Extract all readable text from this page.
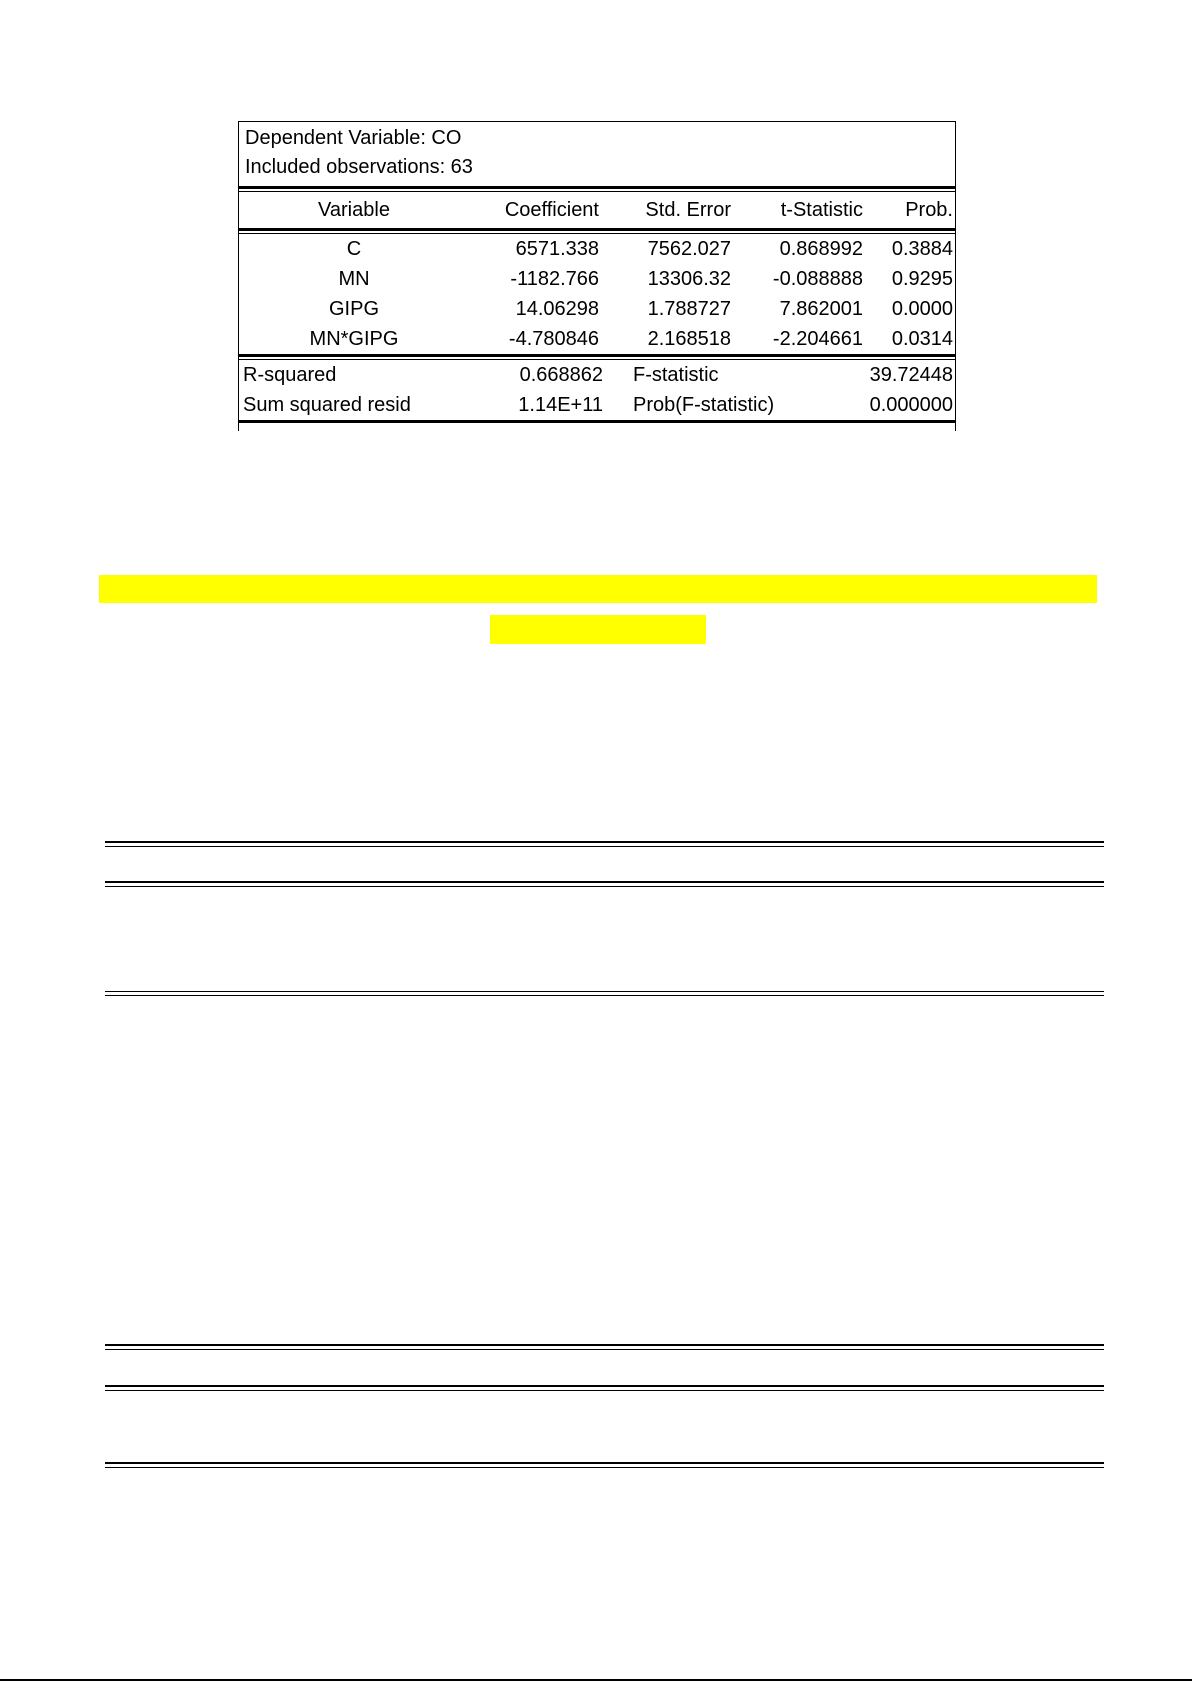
Dependent Variable: CO
Included observations: 63
Variable	Coefficient	Std. Error	t-Statistic	Prob.
C	6571.338	7562.027	0.868992	0.3884
MN	-1182.766	13306.32	-0.088888	0.9295
GIPG	14.06298	1.788727	7.862001	0.0000
MN*GIPG	-4.780846	2.168518	-2.204661	0.0314
R-squared	0.668862	F-statistic	39.72448
Sum squared resid	1.14E+11	Prob(F-statistic)	0.000000
